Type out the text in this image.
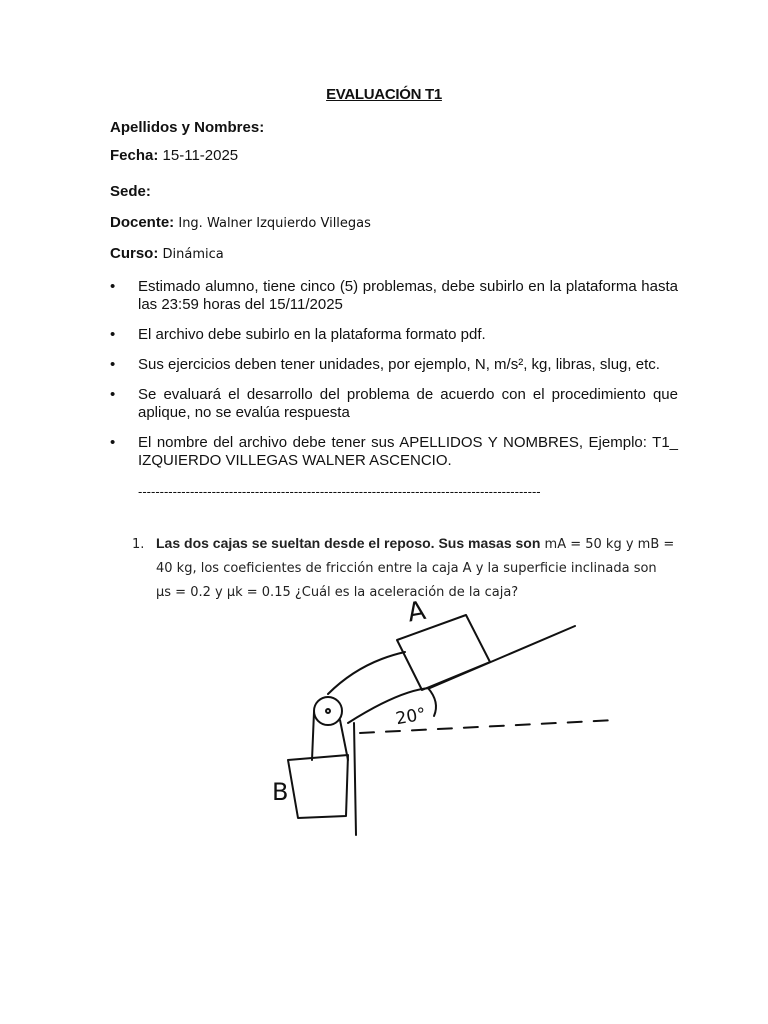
EVALUACIÓN T1
Apellidos y Nombres:
Fecha: 15-11-2025
Sede:
Docente: Ing. Walner Izquierdo Villegas
Curso: Dinámica
• Estimado alumno, tiene cinco (5) problemas, debe subirlo en la plataforma hasta las 23:59 horas del 15/11/2025
• El archivo debe subirlo en la plataforma formato pdf.
• Sus ejercicios deben tener unidades, por ejemplo, N, m/s², kg, libras, slug, etc.
• Se evaluará el desarrollo del problema de acuerdo con el procedimiento que aplique, no se evalúa respuesta
• El nombre del archivo debe tener sus APELLIDOS Y NOMBRES, Ejemplo: T1_ IZQUIERDO VILLEGAS WALNER ASCENCIO.
---------------------------------------------------------------------------------------------
1. Las dos cajas se sueltan desde el reposo. Sus masas son mA = 50 kg y mB =
40 kg, los coeficientes de fricción entre la caja A y la superficie inclinada son
μs = 0.2 y μk = 0.15 ¿Cuál es la aceleración de la caja?
A
B
20°
